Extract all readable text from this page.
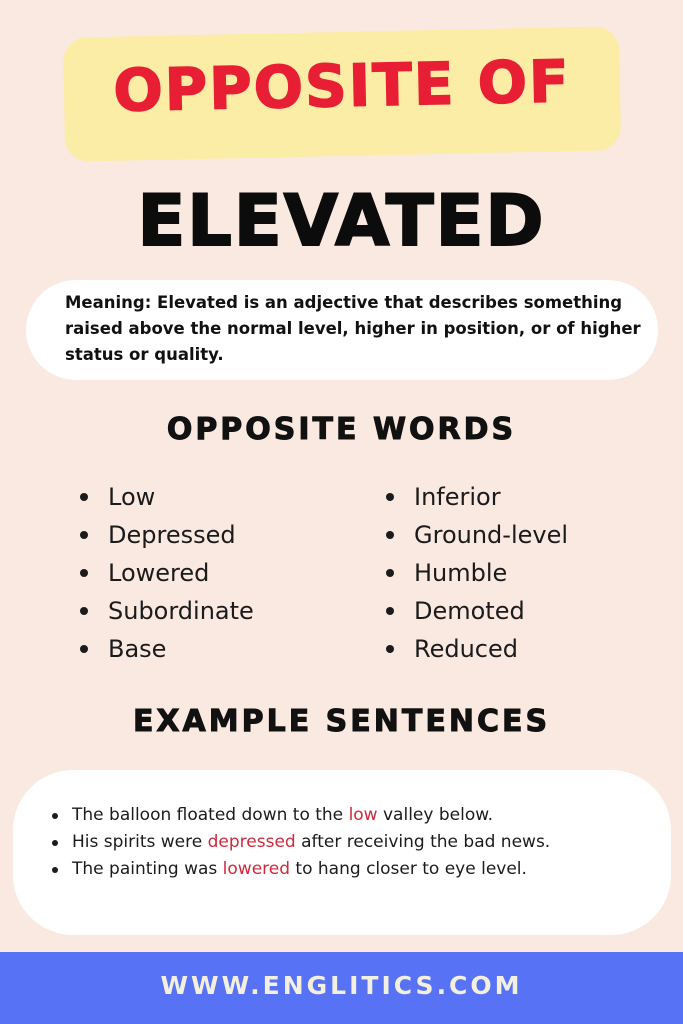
OPPOSITE OF
ELEVATED
Meaning: Elevated is an adjective that describes something raised above the normal level, higher in position, or of higher status or quality.
OPPOSITE WORDS
Low
Depressed
Lowered
Subordinate
Base
Inferior
Ground-level
Humble
Demoted
Reduced
EXAMPLE SENTENCES
The balloon floated down to the low valley below.
His spirits were depressed after receiving the bad news.
The painting was lowered to hang closer to eye level.
WWW.ENGLITICS.COM
